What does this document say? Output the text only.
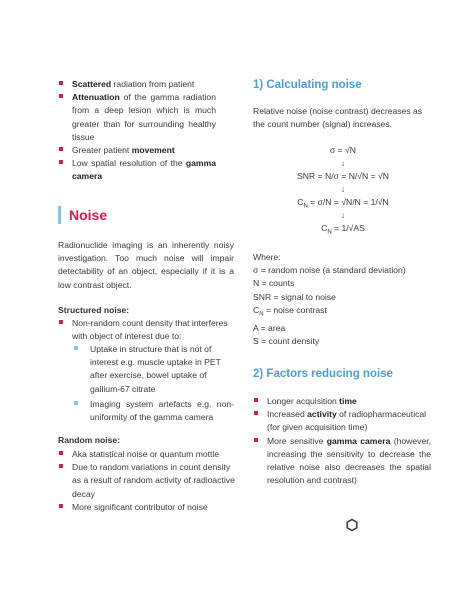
Scattered radiation from patient
Attenuation of the gamma radiation from a deep lesion which is much greater than for surrounding healthy tissue
Greater patient movement
Low spatial resolution of the gamma camera
Noise
Radionuclide imaging is an inherently noisy investigation. Too much noise will impair detectability of an object, especially if it is a low contrast object.
Structured noise:
Non-random count density that interferes with object of interest due to:
Uptake in structure that is not of interest e.g. muscle uptake in PET after exercise, bowel uptake of gallium-67 citrate
Imaging system artefacts e.g. non-uniformity of the gamma camera
Random noise:
Aka statistical noise or quantum mottle
Due to random variations in count density as a result of random activity of radioactive decay
More significant contributor of noise
1) Calculating noise
Relative noise (noise contrast) decreases as the count number (signal) increases.
σ = √N
↓
SNR = N/σ = N/√N = √N
↓
$C_N = \sigma/N = √N/N = 1/√N$
↓
$C_N = 1/√AS$
Where:
σ = random noise (a standard deviation)
N = counts
SNR = signal to noise
$C_N$ = noise contrast
A = area
S = count density
2) Factors reducing noise
Longer acquisition time
Increased activity of radiopharmaceutical (for given acquisition time)
More sensitive gamma camera (however, increasing the sensitivity to decrease the relative noise also decreases the spatial resolution and contrast)
